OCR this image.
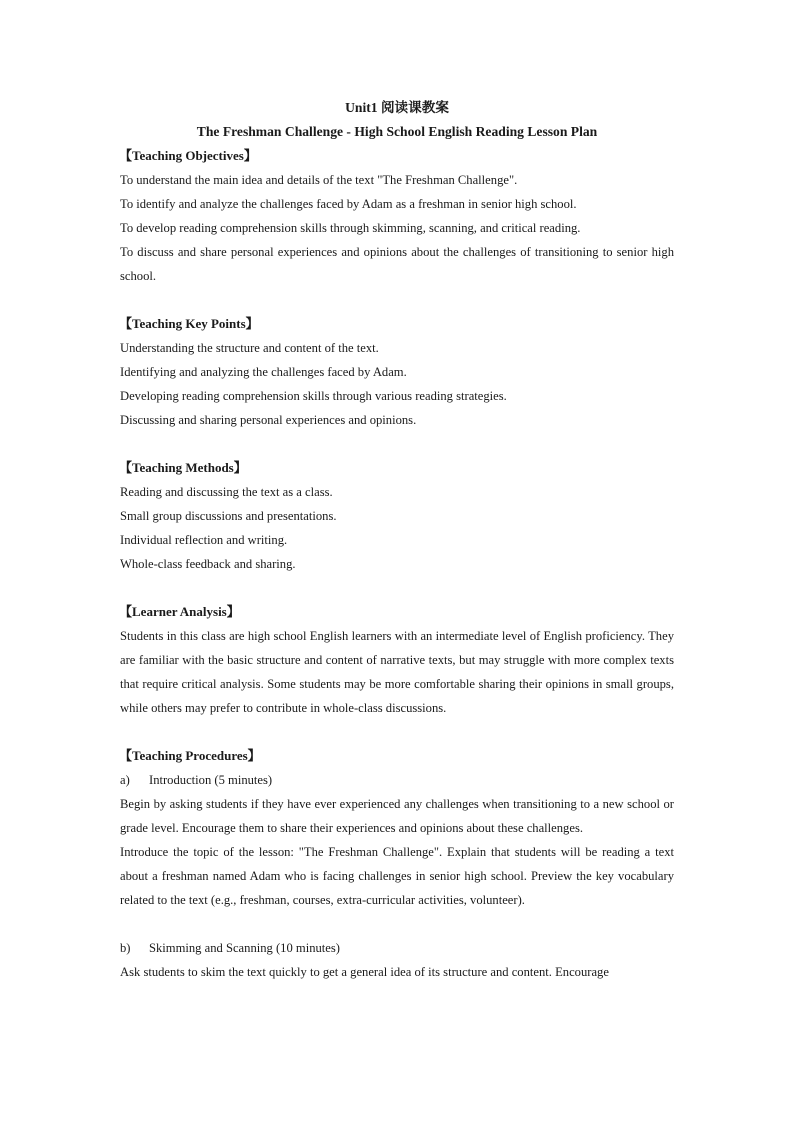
Unit1 阅读课教案

The Freshman Challenge - High School English Reading Lesson Plan

【Teaching Objectives】

To understand the main idea and details of the text "The Freshman Challenge".

To identify and analyze the challenges faced by Adam as a freshman in senior high school.

To develop reading comprehension skills through skimming, scanning, and critical reading.

To discuss and share personal experiences and opinions about the challenges of transitioning to senior high school.

【Teaching Key Points】

Understanding the structure and content of the text.

Identifying and analyzing the challenges faced by Adam.

Developing reading comprehension skills through various reading strategies.

Discussing and sharing personal experiences and opinions.

【Teaching Methods】

Reading and discussing the text as a class.

Small group discussions and presentations.

Individual reflection and writing.

Whole-class feedback and sharing.

【Learner Analysis】

Students in this class are high school English learners with an intermediate level of English proficiency. They are familiar with the basic structure and content of narrative texts, but may struggle with more complex texts that require critical analysis. Some students may be more comfortable sharing their opinions in small groups, while others may prefer to contribute in whole-class discussions.

【Teaching Procedures】

a) Introduction (5 minutes)

Begin by asking students if they have ever experienced any challenges when transitioning to a new school or grade level. Encourage them to share their experiences and opinions about these challenges.

Introduce the topic of the lesson: "The Freshman Challenge". Explain that students will be reading a text about a freshman named Adam who is facing challenges in senior high school. Preview the key vocabulary related to the text (e.g., freshman, courses, extra-curricular activities, volunteer).

b) Skimming and Scanning (10 minutes)

Ask students to skim the text quickly to get a general idea of its structure and content. Encourage
